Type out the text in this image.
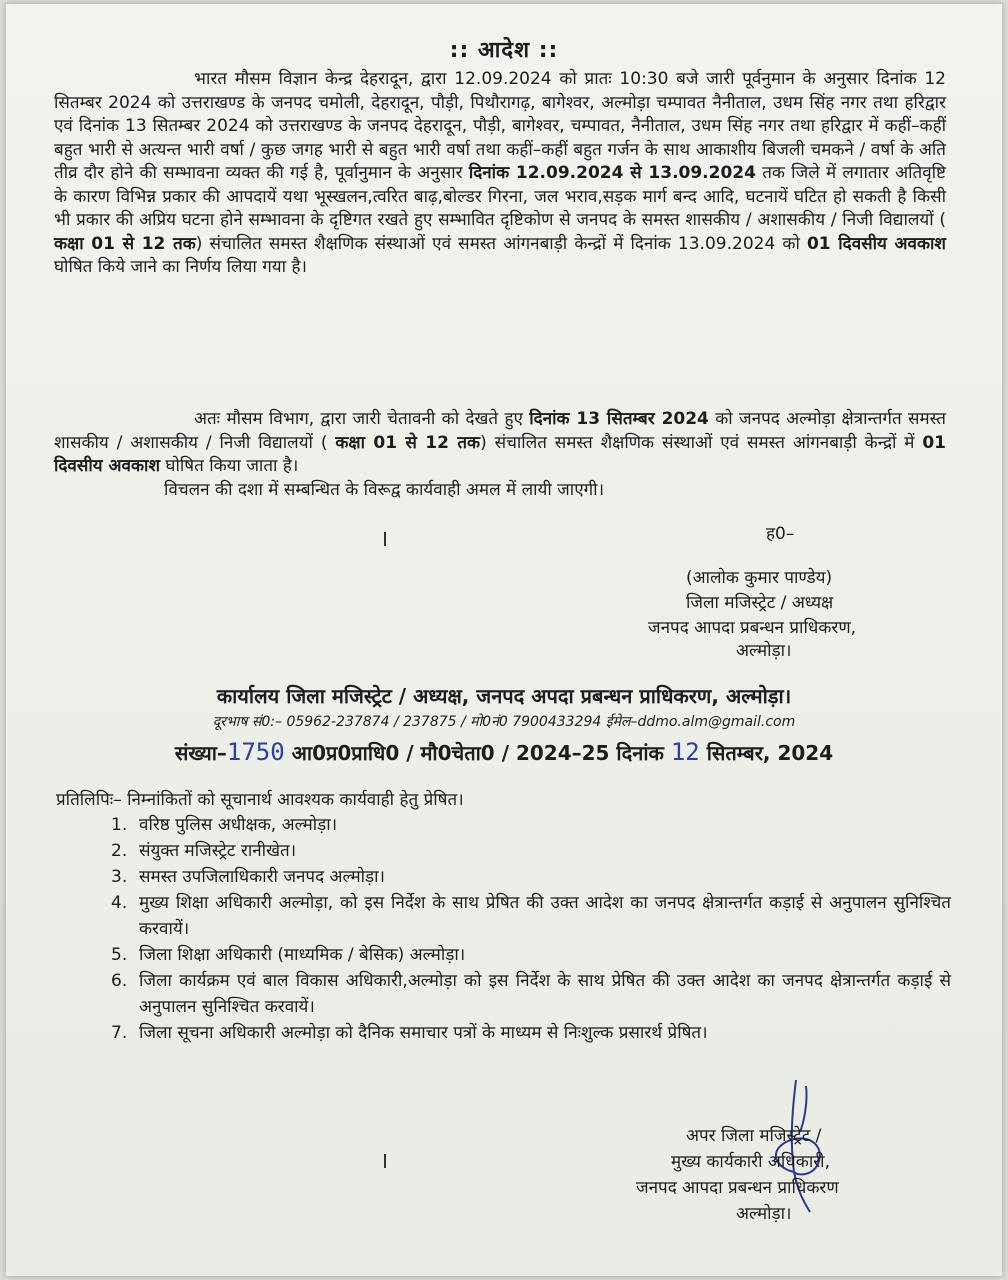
:: आदेश ::

भारत मौसम विज्ञान केन्द्र देहरादून, द्वारा 12.09.2024 को प्रातः 10:30 बजे जारी पूर्वनुमान के अनुसार दिनांक 12 सितम्बर 2024 को उत्तराखण्ड के जनपद चमोली, देहरादून, पौड़ी, पिथौरागढ़, बागेश्वर, अल्मोड़ा चम्पावत नैनीताल, उधम सिंह नगर तथा हरिद्वार एवं दिनांक 13 सितम्बर 2024 को उत्तराखण्ड के जनपद देहरादून, पौड़ी, बागेश्वर, चम्पावत, नैनीताल, उधम सिंह नगर तथा हरिद्वार में कहीं–कहीं बहुत भारी से अत्यन्त भारी वर्षा / कुछ जगह भारी से बहुत भारी वर्षा तथा कहीं–कहीं बहुत गर्जन के साथ आकाशीय बिजली चमकने / वर्षा के अति तीव्र दौर होने की सम्भावना व्यक्त की गई है, पूर्वानुमान के अनुसार दिनांक 12.09.2024 से 13.09.2024 तक जिले में लगातार अतिवृष्टि के कारण विभिन्न प्रकार की आपदायें यथा भूस्खलन,त्वरित बाढ़,बोल्डर गिरना, जल भराव,सड़क मार्ग बन्द आदि, घटनायें घटित हो सकती है किसी भी प्रकार की अप्रिय घटना होने सम्भावना के दृष्टिगत रखते हुए सम्भावित दृष्टिकोण से जनपद के समस्त शासकीय / अशासकीय / निजी विद्यालयों ( कक्षा 01 से 12 तक) संचालित समस्त शैक्षणिक संस्थाओं एवं समस्त आंगनबाड़ी केन्द्रों में दिनांक 13.09.2024 को 01 दिवसीय अवकाश घोषित किये जाने का निर्णय लिया गया है।

अतः मौसम विभाग, द्वारा जारी चेतावनी को देखते हुए दिनांक 13 सितम्बर 2024 को जनपद अल्मोड़ा क्षेत्रान्तर्गत समस्त शासकीय / अशासकीय / निजी विद्यालयों ( कक्षा 01 से 12 तक) संचालित समस्त शैक्षणिक संस्थाओं एवं समस्त आंगनबाड़ी केन्द्रों में 01 दिवसीय अवकाश घोषित किया जाता है।

विचलन की दशा में सम्बन्धित के विरूद्व कार्यवाही अमल में लायी जाएगी।

ह0–
(आलोक कुमार पाण्डेय)
जिला मजिस्ट्रेट / अध्यक्ष
जनपद आपदा प्रबन्धन प्राधिकरण,
अल्मोड़ा।
कार्यालय जिला मजिस्ट्रेट / अध्यक्ष, जनपद अपदा प्रबन्धन प्राधिकरण, अल्मोड़ा।
दूरभाष सं0:– 05962-237874 / 237875 / मो0नं0 7900433294 ईमेल–ddmo.alm@gmail.com
संख्या–1750 आ0प्र0प्राधि0 / मौ0चेता0 / 2024–25 दिनांक 12 सितम्बर, 2024
प्रतिलिपिः– निम्नांकितों को सूचानार्थ आवश्यक कार्यवाही हेतु प्रेषित।
1. वरिष्ठ पुलिस अधीक्षक, अल्मोड़ा।
2. संयुक्त मजिस्ट्रेट रानीखेत।
3. समस्त उपजिलाधिकारी जनपद अल्मोड़ा।
4. मुख्य शिक्षा अधिकारी अल्मोड़ा, को इस निर्देश के साथ प्रेषित की उक्त आदेश का जनपद क्षेत्रान्तर्गत कड़ाई से अनुपालन सुनिश्चित करवायें।
5. जिला शिक्षा अधिकारी (माध्यमिक / बेसिक) अल्मोड़ा।
6. जिला कार्यक्रम एवं बाल विकास अधिकारी,अल्मोड़ा को इस निर्देश के साथ प्रेषित की उक्त आदेश का जनपद क्षेत्रान्तर्गत कड़ाई से अनुपालन सुनिश्चित करवायें।
7. जिला सूचना अधिकारी अल्मोड़ा को दैनिक समाचार पत्रों के माध्यम से निःशुल्क प्रसारर्थ प्रेषित।
अपर जिला मजिस्ट्रेट /
मुख्य कार्यकारी अधिकारी,
जनपद आपदा प्रबन्धन प्राधिकरण
अल्मोड़ा।
